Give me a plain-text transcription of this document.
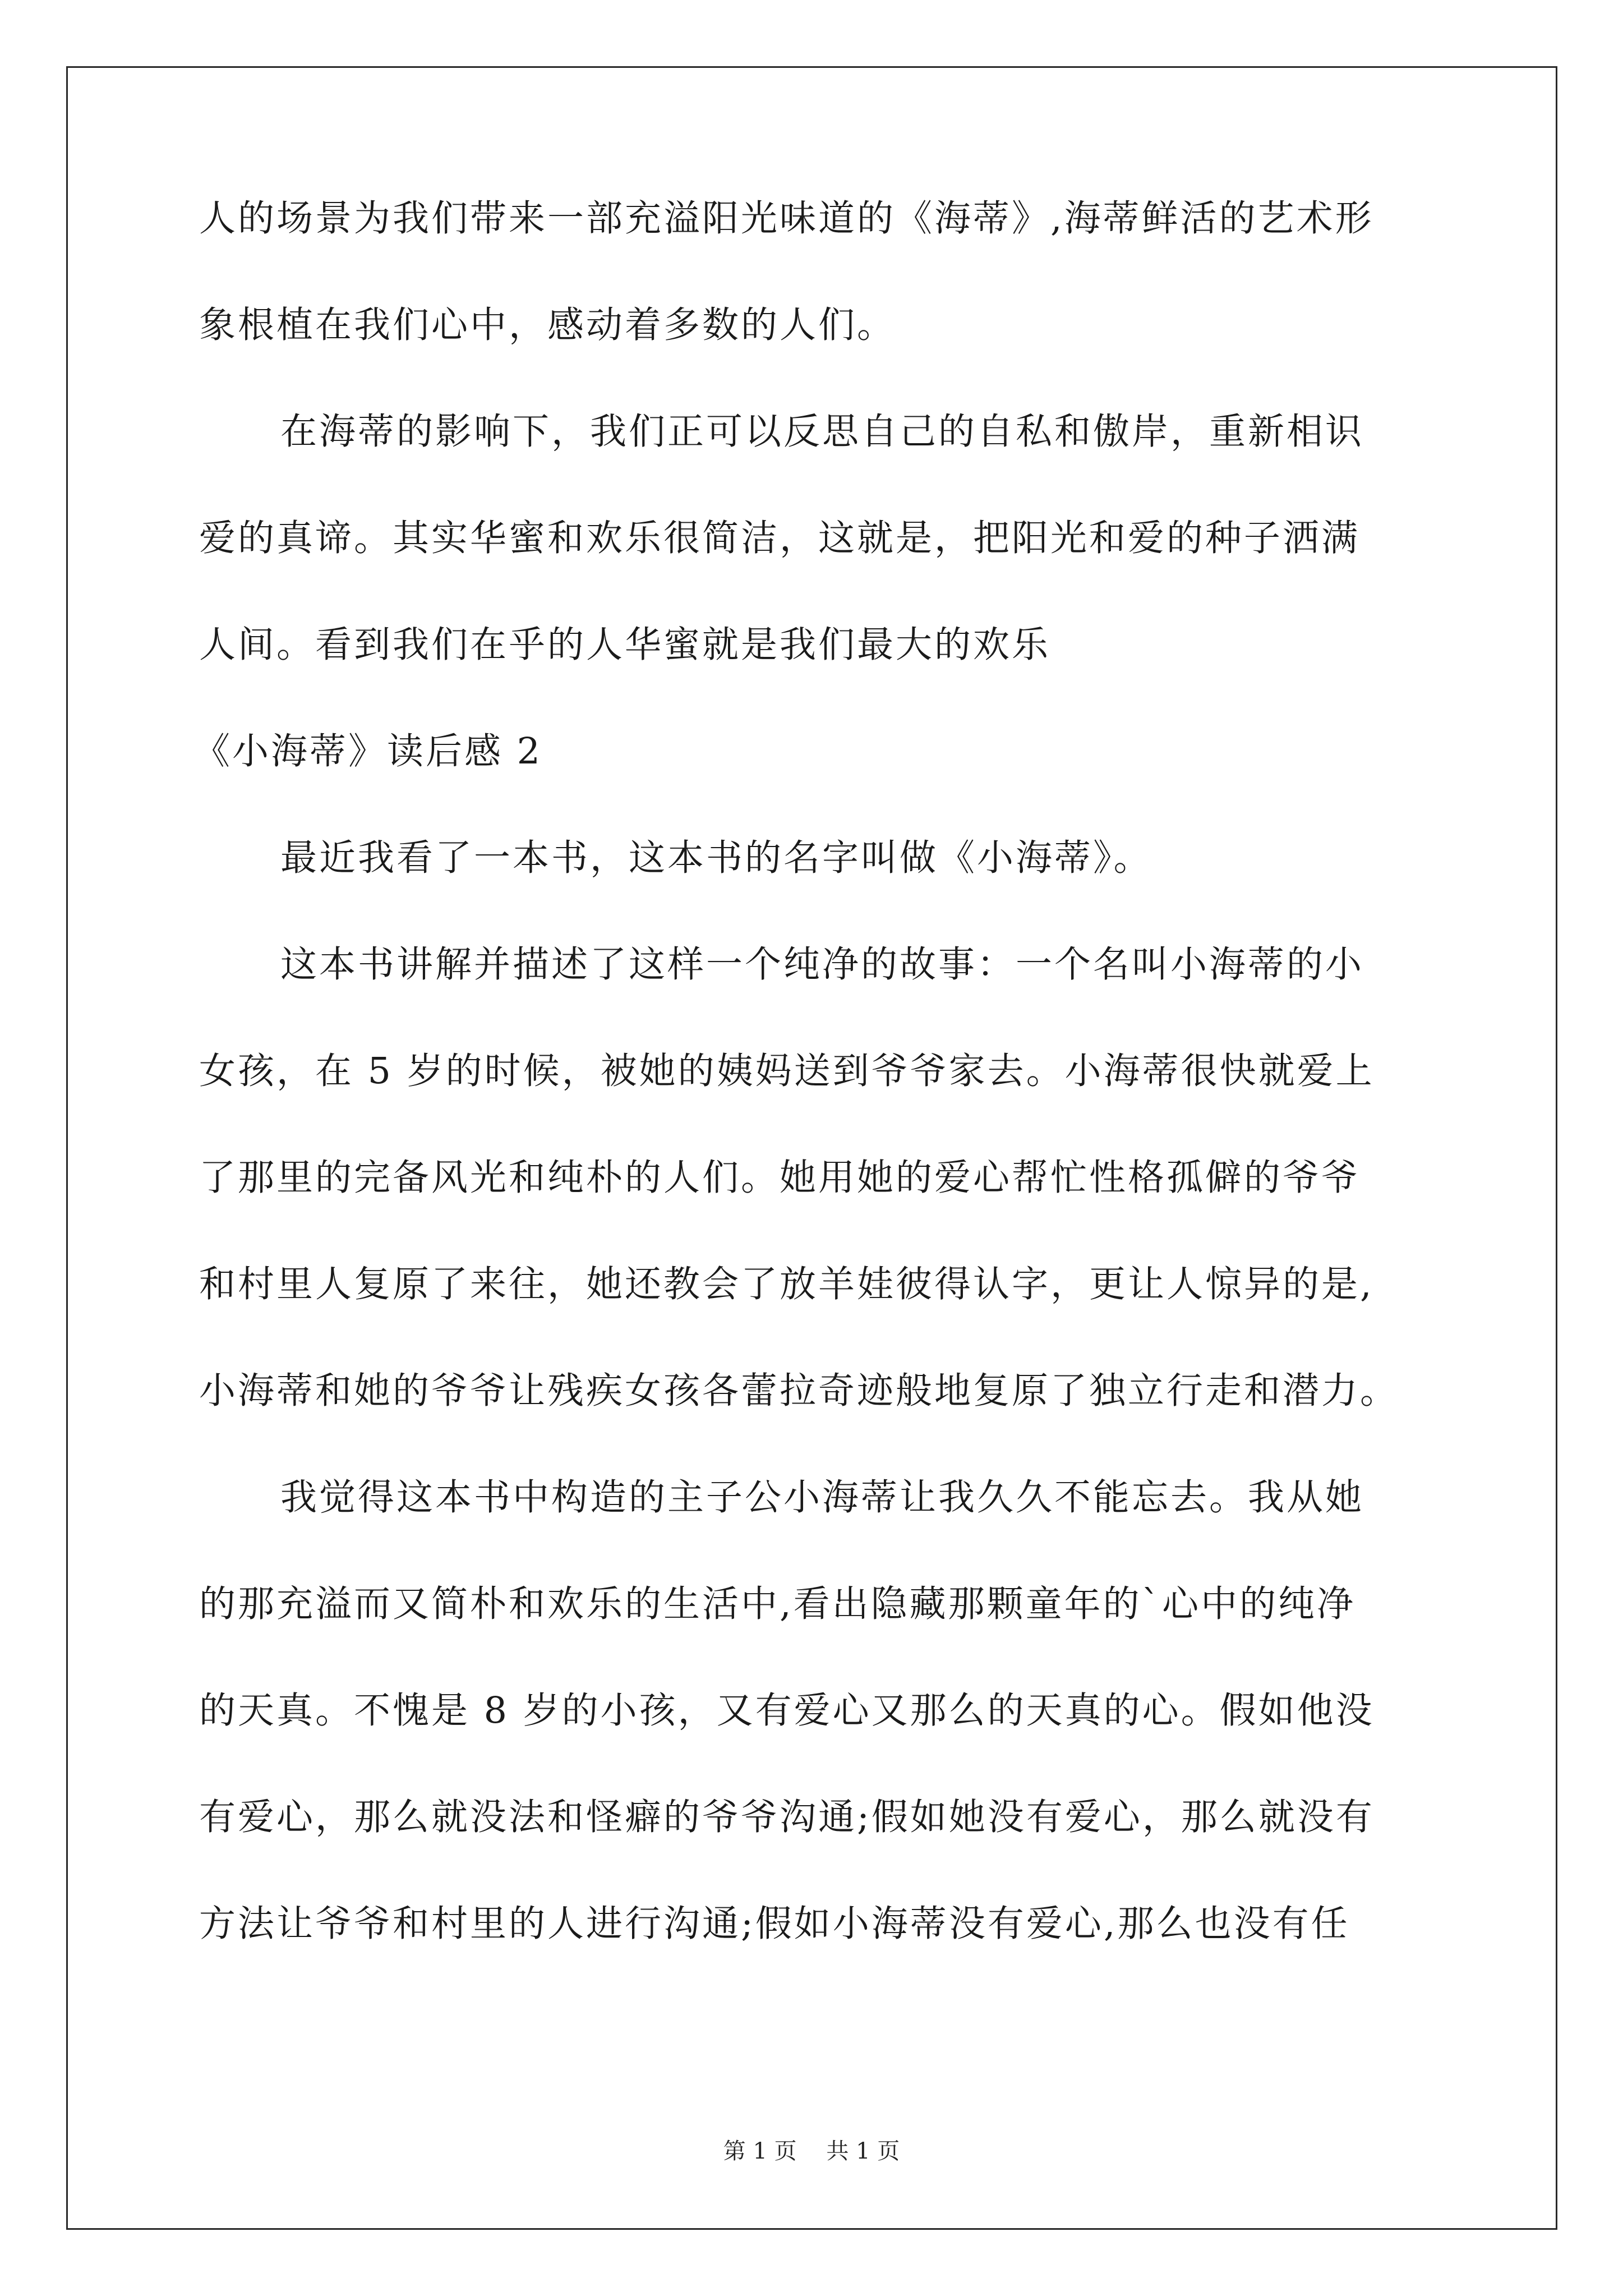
人的场景为我们带来一部充溢阳光味道的《海蒂》,海蒂鲜活的艺术形
象根植在我们心中，感动着多数的人们。
在海蒂的影响下，我们正可以反思自己的自私和傲岸，重新相识
爱的真谛。其实华蜜和欢乐很简洁，这就是，把阳光和爱的种子洒满
人间。看到我们在乎的人华蜜就是我们最大的欢乐
《小海蒂》读后感 2
最近我看了一本书，这本书的名字叫做《小海蒂》。
这本书讲解并描述了这样一个纯净的故事：一个名叫小海蒂的小
女孩，在 5 岁的时候，被她的姨妈送到爷爷家去。小海蒂很快就爱上
了那里的完备风光和纯朴的人们。她用她的爱心帮忙性格孤僻的爷爷
和村里人复原了来往，她还教会了放羊娃彼得认字，更让人惊异的是,
小海蒂和她的爷爷让残疾女孩各蕾拉奇迹般地复原了独立行走和潜力。
我觉得这本书中构造的主子公小海蒂让我久久不能忘去。我从她
的那充溢而又简朴和欢乐的生活中,看出隐藏那颗童年的`心中的纯净
的天真。不愧是 8 岁的小孩，又有爱心又那么的天真的心。假如他没
有爱心，那么就没法和怪癖的爷爷沟通;假如她没有爱心，那么就没有
方法让爷爷和村里的人进行沟通;假如小海蒂没有爱心,那么也没有任
第 1 页 共 1 页
